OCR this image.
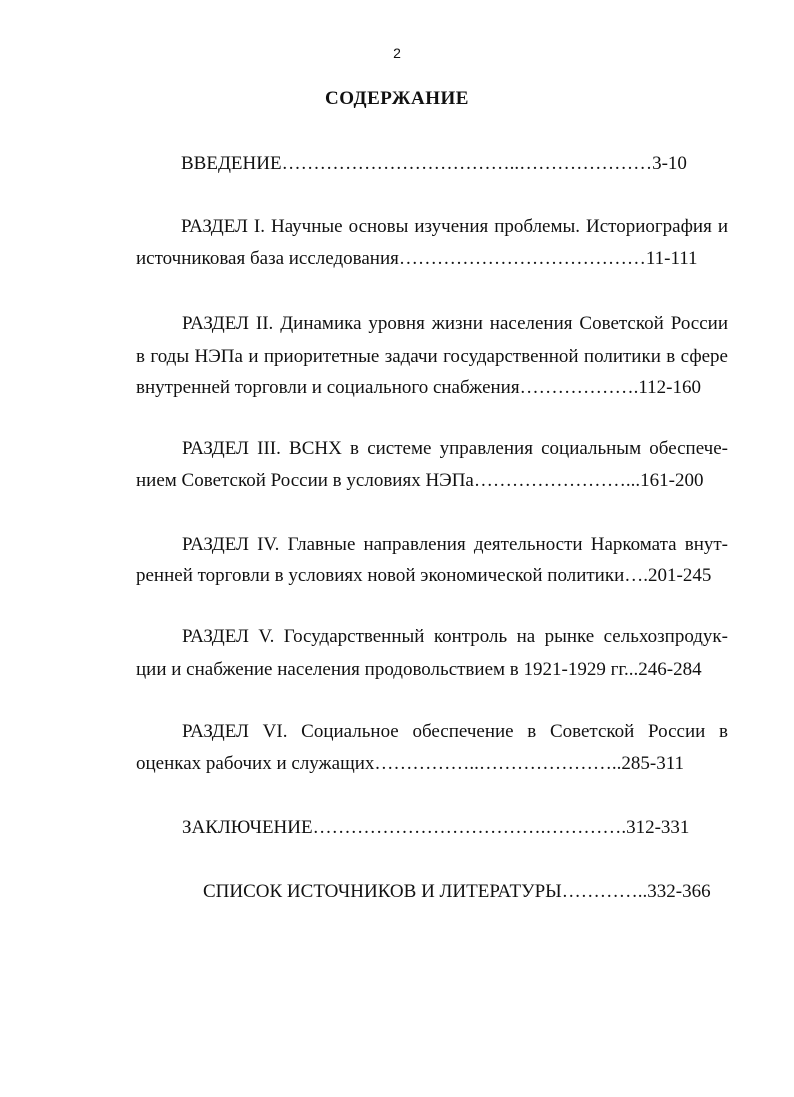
2
СОДЕРЖАНИЕ
ВВЕДЕНИЕ………………………………..…………………3-10
РАЗДЕЛ I. Научные основы изучения проблемы. Историография и
источниковая база исследования…………………………………11-111
РАЗДЕЛ II. Динамика уровня жизни населения Советской России
в годы НЭПа и приоритетные задачи государственной политики в сфере
внутренней торговли и социального снабжения……………….112-160
РАЗДЕЛ III. ВСНХ в системе управления социальным обеспече-
нием Советской России в условиях НЭПа……………………...161-200
РАЗДЕЛ IV. Главные направления деятельности Наркомата внут-
ренней торговли в условиях новой экономической политики….201-245
РАЗДЕЛ V. Государственный контроль на рынке сельхозпродук-
ции и снабжение населения продовольствием в 1921-1929 гг...246-284
РАЗДЕЛ VI. Социальное обеспечение в Советской России в
оценках рабочих и служащих……………..…………………..285-311
ЗАКЛЮЧЕНИЕ……………………………….………….312-331
СПИСОК ИСТОЧНИКОВ И ЛИТЕРАТУРЫ…………..332-366
